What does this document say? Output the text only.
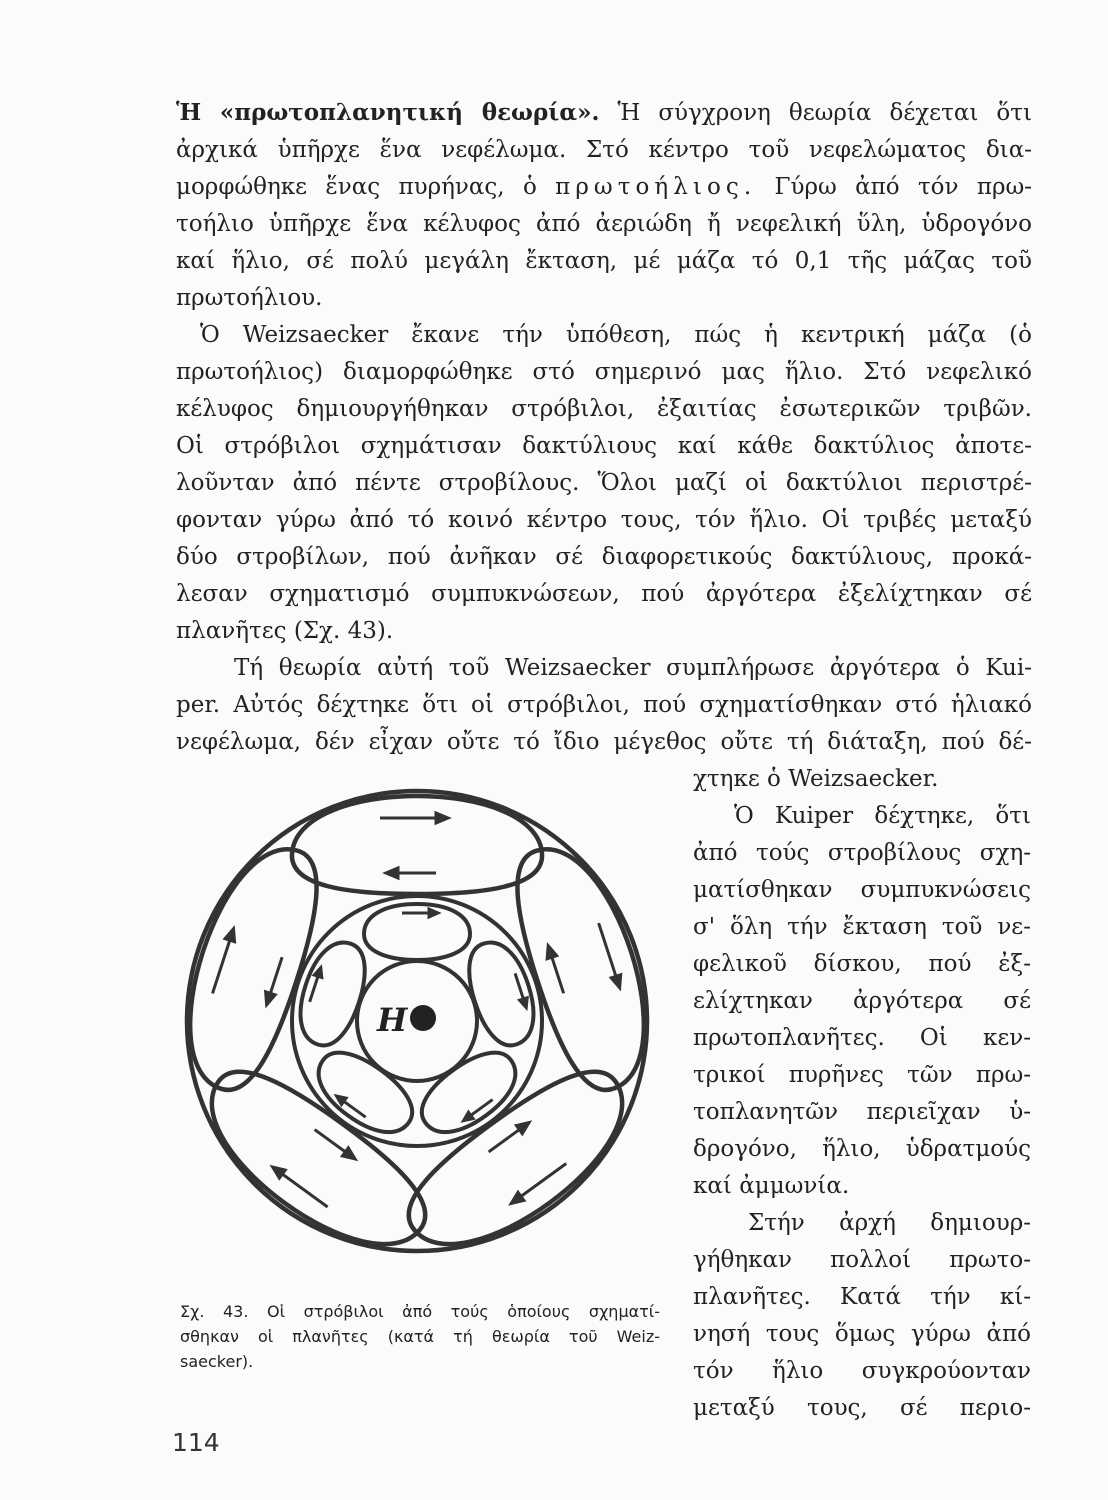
Ἡ «πρωτοπλανητική θεωρία». Ἡ σύγχρονη θεωρία δέχεται ὅτι
ἀρχικά ὑπῆρχε ἕνα νεφέλωμα. Στό κέντρο τοῦ νεφελώματος δια-
μορφώθηκε ἕνας πυρήνας, ὁ πρωτοήλιος. Γύρω ἀπό τόν πρω-
τοήλιο ὑπῆρχε ἕνα κέλυφος ἀπό ἀεριώδη ἤ νεφελική ὕλη, ὑδρογόνο
καί ἥλιο, σέ πολύ μεγάλη ἔκταση, μέ μάζα τό 0,1 τῆς μάζας τοῦ
πρωτοήλιου.
Ὁ Weizsaecker ἔκανε τήν ὑπόθεση, πώς ἡ κεντρική μάζα (ὁ
πρωτοήλιος) διαμορφώθηκε στό σημερινό μας ἥλιο. Στό νεφελικό
κέλυφος δημιουργήθηκαν στρόβιλοι, ἐξαιτίας ἐσωτερικῶν τριβῶν.
Οἱ στρόβιλοι σχημάτισαν δακτύλιους καί κάθε δακτύλιος ἀποτε-
λοῦνταν ἀπό πέντε στροβίλους. Ὅλοι μαζί οἱ δακτύλιοι περιστρέ-
φονταν γύρω ἀπό τό κοινό κέντρο τους, τόν ἥλιο. Οἱ τριβές μεταξύ
δύο στροβίλων, πού ἀνῆκαν σέ διαφορετικούς δακτύλιους, προκά-
λεσαν σχηματισμό συμπυκνώσεων, πού ἀργότερα ἐξελίχτηκαν σέ
πλανῆτες (Σχ. 43).
Τή θεωρία αὐτή τοῦ Weizsaecker συμπλήρωσε ἀργότερα ὁ Kui-
per. Αὐτός δέχτηκε ὅτι οἱ στρόβιλοι, πού σχηματίσθηκαν στό ἡλιακό
νεφέλωμα, δέν εἶχαν οὔτε τό ἴδιο μέγεθος οὔτε τή διάταξη, πού δέ-
χτηκε ὁ Weizsaecker.
Ὁ Kuiper δέχτηκε, ὅτι
ἀπό τούς στροβίλους σχη-
ματίσθηκαν συμπυκνώσεις
σ' ὅλη τήν ἔκταση τοῦ νε-
φελικοῦ δίσκου, πού ἐξ-
ελίχτηκαν ἀργότερα σέ
πρωτοπλανῆτες. Οἱ κεν-
τρικοί πυρῆνες τῶν πρω-
τοπλανητῶν περιεῖχαν ὑ-
δρογόνο, ἥλιο, ὑδρατμούς
καί ἀμμωνία.
Στήν ἀρχή δημιουρ-
γήθηκαν πολλοί πρωτο-
πλανῆτες. Κατά τήν κί-
νησή τους ὅμως γύρω ἀπό
τόν ἥλιο συγκρούονταν
μεταξύ τους, σέ περιο-
H
Σχ. 43. Οἱ στρόβιλοι ἀπό τούς ὁποίους σχηματί-
σθηκαν οἱ πλανῆτες (κατά τή θεωρία τοῦ Weiz-
saecker).
114
